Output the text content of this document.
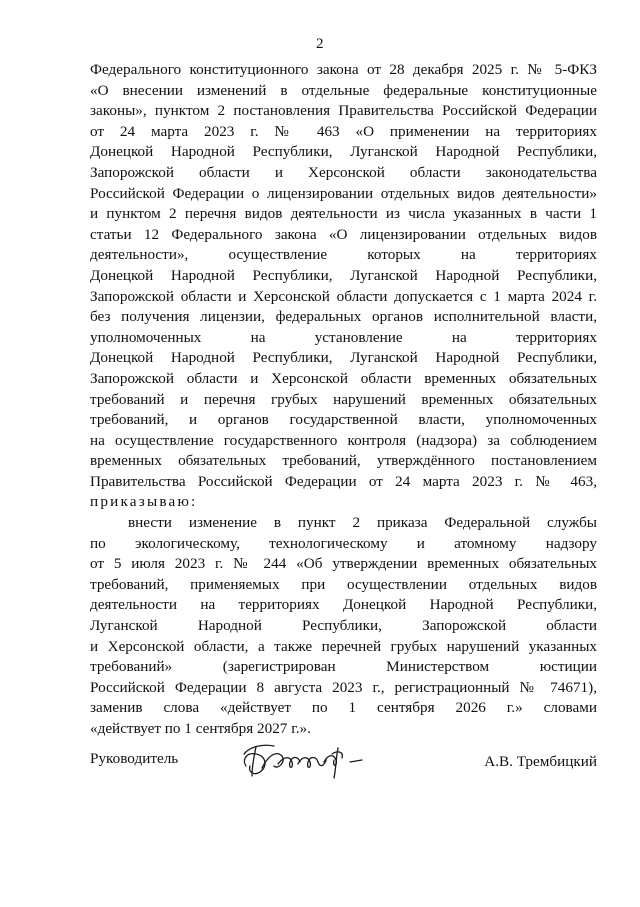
2
Федерального конституционного закона от 28 декабря 2025 г. № 5-ФКЗ
«О внесении изменений в отдельные федеральные конституционные
законы», пунктом 2 постановления Правительства Российской Федерации
от 24 марта 2023 г. № 463 «О применении на территориях
Донецкой Народной Республики, Луганской Народной Республики,
Запорожской области и Херсонской области законодательства
Российской Федерации о лицензировании отдельных видов деятельности»
и пунктом 2 перечня видов деятельности из числа указанных в части 1
статьи 12 Федерального закона «О лицензировании отдельных видов
деятельности», осуществление которых на территориях
Донецкой Народной Республики, Луганской Народной Республики,
Запорожской области и Херсонской области допускается с 1 марта 2024 г.
без получения лицензии, федеральных органов исполнительной власти,
уполномоченных на установление на территориях
Донецкой Народной Республики, Луганской Народной Республики,
Запорожской области и Херсонской области временных обязательных
требований и перечня грубых нарушений временных обязательных
требований, и органов государственной власти, уполномоченных
на осуществление государственного контроля (надзора) за соблюдением
временных обязательных требований, утверждённого постановлением
Правительства Российской Федерации от 24 марта 2023 г. № 463,
приказываю:
внести изменение в пункт 2 приказа Федеральной службы
по экологическому, технологическому и атомному надзору
от 5 июля 2023 г. № 244 «Об утверждении временных обязательных
требований, применяемых при осуществлении отдельных видов
деятельности на территориях Донецкой Народной Республики,
Луганской Народной Республики, Запорожской области
и Херсонской области, а также перечней грубых нарушений указанных
требований» (зарегистрирован Министерством юстиции
Российской Федерации 8 августа 2023 г., регистрационный № 74671),
заменив слова «действует по 1 сентября 2026 г.» словами
«действует по 1 сентября 2027 г.».
Руководитель	А.В. Трембицкий
